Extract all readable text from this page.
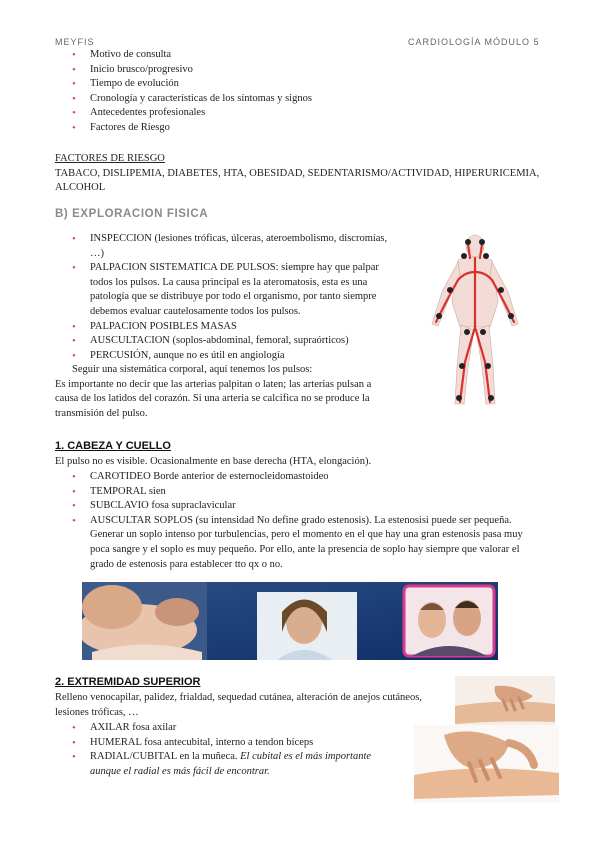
MEYFIS	CARDIOLOGÍA MÓDULO 5
• Motivo de consulta
• Inicio brusco/progresivo
• Tiempo de evolución
• Cronología y características de los síntomas y signos
• Antecedentes profesionales
• Factores de Riesgo
FACTORES DE RIESGO
TABACO, DISLIPEMIA, DIABETES, HTA, OBESIDAD, SEDENTARISMO/ACTIVIDAD, HIPERURICEMIA,
ALCOHOL
B) EXPLORACION FISICA
• INSPECCION (lesiones tróficas, úlceras, ateroembolismo, discromías,
…)
• PALPACION SISTEMATICA DE PULSOS: siempre hay que palpar
todos los pulsos. La causa principal es la ateromatosis, esta es una
patología que se distribuye por todo el organismo, por tanto siempre
debemos evaluar cautelosamente todos los pulsos.
• PALPACION POSIBLES MASAS
• AUSCULTACION (soplos-abdominal, femoral, supraórticos)
• PERCUSIÓN, aunque no es útil en angiología
Seguir una sistemática corporal, aquí tenemos los pulsos:
Es importante no decir que las arterias palpitan o laten; las arterias pulsan a
causa de los latidos del corazón. Si una arteria se calcifica no se produce la
transmisión del pulso.
1. CABEZA Y CUELLO
El pulso no es visible. Ocasionalmente en base derecha (HTA, elongación).
• CAROTIDEO Borde anterior de esternocleidomastoideo
• TEMPORAL sien
• SUBCLAVIO fosa supraclavicular
• AUSCULTAR SOPLOS (su intensidad No define grado estenosis). La estenosisi puede ser pequeña.
Generar un soplo intenso por turbulencias, pero el momento en el que hay una gran estenosis pasa muy
poca sangre y el soplo es muy pequeño. Por ello, ante la presencia de soplo hay siempre que valorar el
grado de estenosis para establecer tto qx o no.
2. EXTREMIDAD SUPERIOR
Relleno venocapilar, palidez, frialdad, sequedad cutánea, alteración de anejos cutáneos,
lesiones tróficas, …
• AXILAR fosa axilar
• HUMERAL fosa antecubital, interno a tendon bíceps
• RADIAL/CUBITAL en la muñeca. El cubital es el más importante
aunque el radial es más fácil de encontrar.
